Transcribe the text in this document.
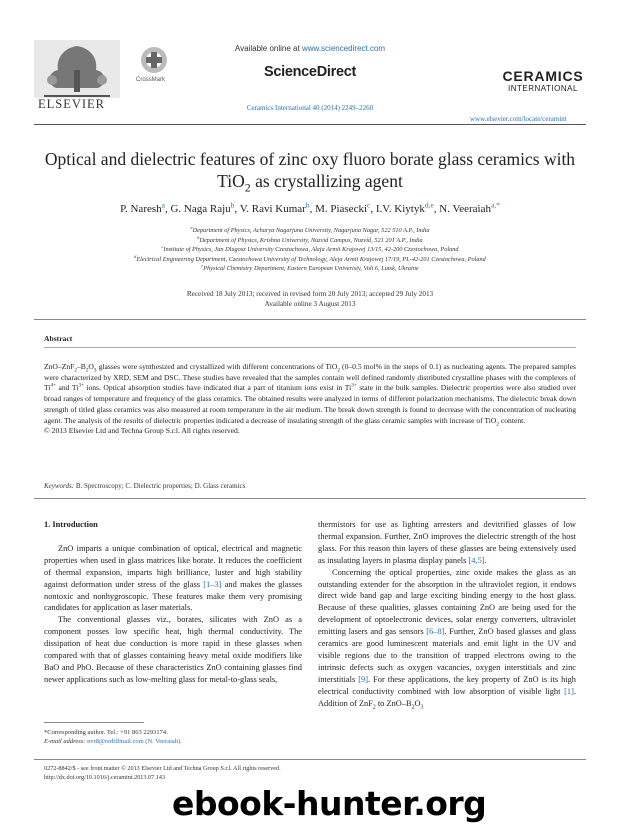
ELSEVIER
CrossMark
Available online at www.sciencedirect.com
ScienceDirect
Ceramics International 40 (2014) 2249–2260
CERAMICS
INTERNATIONAL
www.elsevier.com/locate/ceramint
Optical and dielectric features of zinc oxy fluoro borate glass ceramics with
TiO$_2$ as crystallizing agent
P. Naresh$^a$, G. Naga Raju$^b$, V. Ravi Kumar$^b$, M. Piasecki$^c$, I.V. Kiytyk$^{d,e}$, N. Veeraiah$^{a,*}$
$^a$Department of Physics, Acharya Nagarjuna University, Nagarjuna Nagar, 522 510 A.P., India
$^b$Department of Physics, Krishna University, Nuzvid Campus, Nuzvid, 521 201 A.P., India
$^c$Institute of Physics, Jan Dlugosz University Czestochowa, Aleja Armii Krajowej 13/15, 42-200 Czestochowa, Poland
$^d$Electrical Engineering Department, Czestochowa University of Technology, Aleja Armii Krajowej 17/19, PL-42-201 Czestochowa, Poland
$^e$Physical Chemistry Department, Eastern European Univeristy, Voli 6, Lutsk, Ukraine
Received 18 July 2013; received in revised form 20 July 2013; accepted 29 July 2013
Available online 3 August 2013
Abstract
ZnO–$ZnF_2-B_2O_3$ glasses were synthesized and crystallized with different concentrations of TiO$_2$ (0–0.5 mol% in the steps of 0.1) as nucleating agents. The prepared samples were characterized by XRD, SEM and DSC. These studies have revealed that the samples contain well defined randomly distributed crystalline phases with the complexes of $Ti^{4+}$ and $Ti^{3+}$ ions. Optical absorption studies have indicated that a part of titanium ions exist in $Ti^{3+}$ state in the bulk samples. Dielectric properties were also studied over broad ranges of temperature and frequency of the glass ceramics. The obtained results were analyzed in terms of different polarization mechanisms. The dielectric break down strength of titled glass ceramics was also measured at room temperature in the air medium. The break down strength is found to decrease with the concentration of nucleating agent. The analysis of the results of dielectric properties indicated a decrease of insulating strength of the glass ceramic samples with increase of TiO$_2$ content.
© 2013 Elsevier Ltd and Techna Group S.r.l. All rights reserved.
Keywords: B. Spectroscopy; C. Dielectric properties; D. Glass ceramics
1. Introduction

ZnO imparts a unique combination of optical, electrical and magnetic properties when used in glass matrices like borate. It reduces the coefficient of thermal expansion, imparts high brilliance, luster and high stability against deformation under stress of the glass [1–3] and makes the glasses nontoxic and nonhygroscopic. These features make them very promising candidates for application as laser materials.

The conventional glasses viz., borates, silicates with ZnO as a component posses low specific heat, high thermal conductivity. The dissipation of heat due conduction is more rapid in these glasses when compared with that of glasses containing heavy metal oxide modifiers like BaO and PbO. Because of these characteristics ZnO containing glasses find newer applications such as low-melting glass for metal-to-glass seals,

thermistors for use as lighting arresters and devitrified glasses of low thermal expansion. Further, ZnO improves the dielectric strength of the host glass. For this reason thin layers of these glasses are being extensively used as insulating layers in plasma display panels [4,5].

Concerning the optical properties, zinc oxide makes the glass as an outstanding extender for the absorption in the ultraviolet region, it endows direct wide band gap and large exciting binding energy to the host glass. Because of these qualities, glasses containing ZnO are being used for the development of optoelectronic devices, solar energy converters, ultraviolet emitting lasers and gas sensors [6–8]. Further, ZnO based glasses and glass ceramics are good luminescent materials and emit light in the UV and visible regions due to the transition of trapped electrons owing to the intrinsic defects such as oxygen vacancies, oxygen interstitials and zinc interstitials [9]. For these applications, the key property of ZnO is its high electrical conductivity combined with low absorption of visible light [1]. Addition of ZnF$_2$ to ZnO–$B_2O_3$

*Corresponding author. Tel.: +91 863 2293174.
E-mail address: nvr8@rediffmail.com (N. Veeraiah).
0272-8842/$ - see front matter © 2013 Elsevier Ltd and Techna Group S.r.l. All rights reserved.
http://dx.doi.org/10.1016/j.ceramint.2013.07.143
ebook-hunter.org
